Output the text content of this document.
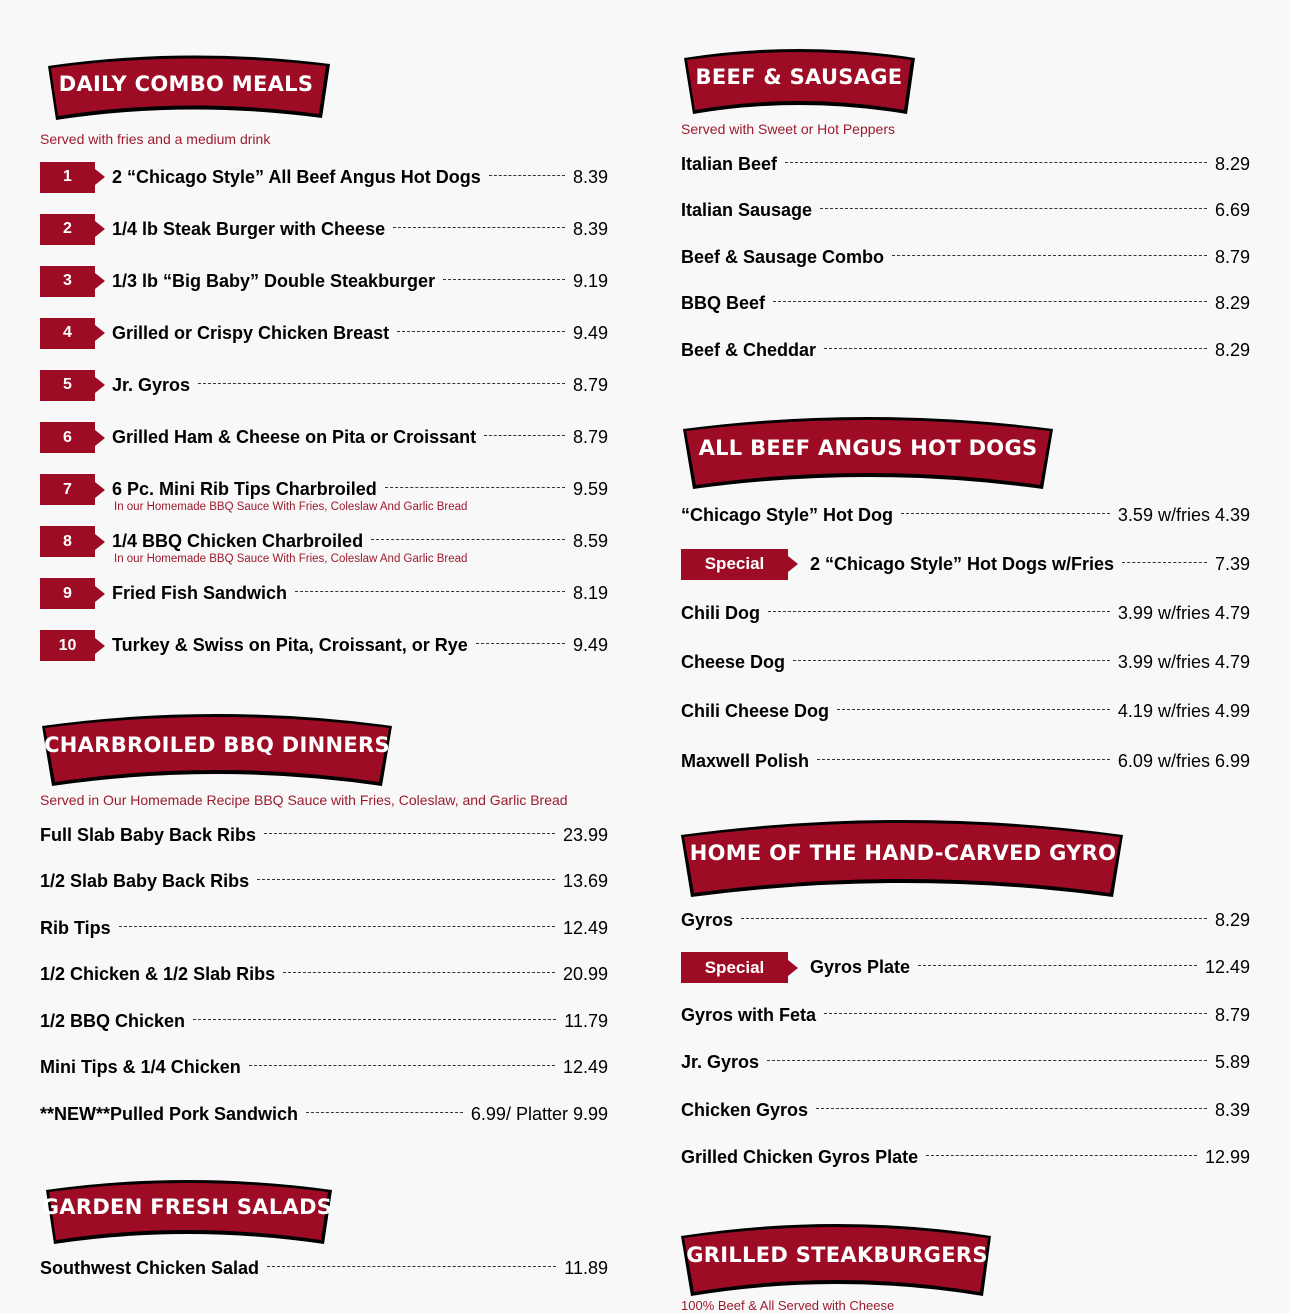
DAILY COMBO MEALS

Served with fries and a medium drink

1	2 “Chicago Style” All Beef Angus Hot Dogs	8.39
2	1/4 lb Steak Burger with Cheese	8.39
3	1/3 lb “Big Baby” Double Steakburger	9.19
4	Grilled or Crispy Chicken Breast	9.49
5	Jr. Gyros	8.79
6	Grilled Ham & Cheese on Pita or Croissant	8.79
7	6 Pc. Mini Rib Tips Charbroiled	9.59
In our Homemade BBQ Sauce With Fries, Coleslaw And Garlic Bread
8	1/4 BBQ Chicken Charbroiled	8.59
In our Homemade BBQ Sauce With Fries, Coleslaw And Garlic Bread
9	Fried Fish Sandwich	8.19
10	Turkey & Swiss on Pita, Croissant, or Rye	9.49
CHARBROILED BBQ DINNERS

Served in Our Homemade Recipe BBQ Sauce with Fries, Coleslaw, and Garlic Bread

Full Slab Baby Back Ribs	23.99
1/2 Slab Baby Back Ribs	13.69
Rib Tips	12.49
1/2 Chicken & 1/2 Slab Ribs	20.99
1/2 BBQ Chicken	11.79
Mini Tips & 1/4 Chicken	12.49
**NEW**Pulled Pork Sandwich	6.99/ Platter 9.99
GARDEN FRESH SALADS
Southwest Chicken Salad	11.89
BEEF & SAUSAGE

Served with Sweet or Hot Peppers

Italian Beef	8.29
Italian Sausage	6.69
Beef & Sausage Combo	8.79
BBQ Beef	8.29
Beef & Cheddar	8.29
ALL BEEF ANGUS HOT DOGS
“Chicago Style” Hot Dog	3.59 w/fries 4.39
Special	2 “Chicago Style” Hot Dogs w/Fries	7.39
Chili Dog	3.99 w/fries 4.79
Cheese Dog	3.99 w/fries 4.79
Chili Cheese Dog	4.19 w/fries 4.99
Maxwell Polish	6.09 w/fries 6.99
HOME OF THE HAND-CARVED GYRO
Gyros	8.29
Special	Gyros Plate	12.49
Gyros with Feta	8.79
Jr. Gyros	5.89
Chicken Gyros	8.39
Grilled Chicken Gyros Plate	12.99
GRILLED STEAKBURGERS

100% Beef & All Served with Cheese
